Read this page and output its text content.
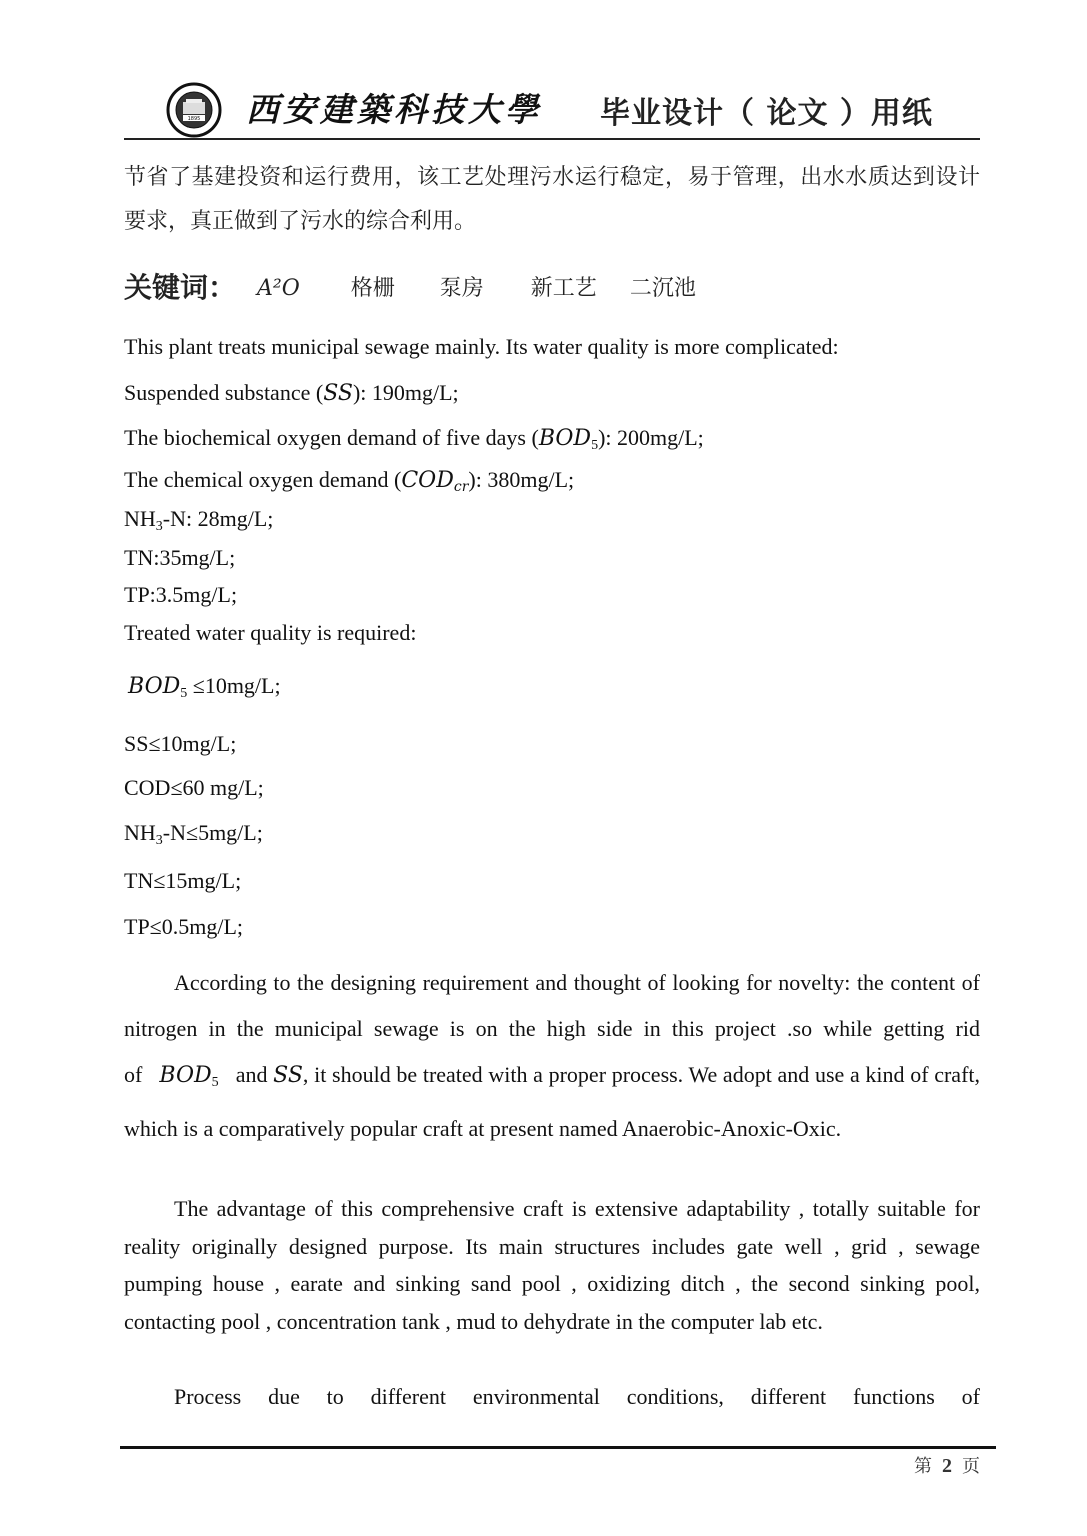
1895 西安建築科技大學 毕业设计（ 论文 ）用纸
节省了基建投资和运行费用，该工艺处理污水运行稳定，易于管理，出水水质达到设计要求，真正做到了污水的综合利用。
关键词： A²O 格栅 泵房 新工艺 二沉池
This plant treats municipal sewage mainly. Its water quality is more complicated:
Suspended substance (SS): 190mg/L;
The biochemical oxygen demand of five days $(BOD_5)$: 200mg/L;
The chemical oxygen demand $(COD_{cr})$: 380mg/L;
$NH_3-N$: 28mg/L;
TN:35mg/L;
TP:3.5mg/L;
Treated water quality is required:
$BOD_5 \le 10mg/L$;
SS≤10mg/L;
COD≤60 mg/L;
$NH_3-N\le 5mg/L$;
TN≤15mg/L;
TP≤0.5mg/L;
According to the designing requirement and thought of looking for novelty: the content of nitrogen in the municipal sewage is on the high side in this project .so while getting rid of $BOD_5$ and SS, it should be treated with a proper process. We adopt and use a kind of craft, which is a comparatively popular craft at present named Anaerobic-Anoxic-Oxic.
The advantage of this comprehensive craft is extensive adaptability , totally suitable for reality originally designed purpose. Its main structures includes gate well , grid , sewage pumping house , earate and sinking sand pool , oxidizing ditch , the second sinking pool, contacting pool , concentration tank , mud to dehydrate in the computer lab etc.
Process due to different environmental conditions, different functions of
第 2 页
